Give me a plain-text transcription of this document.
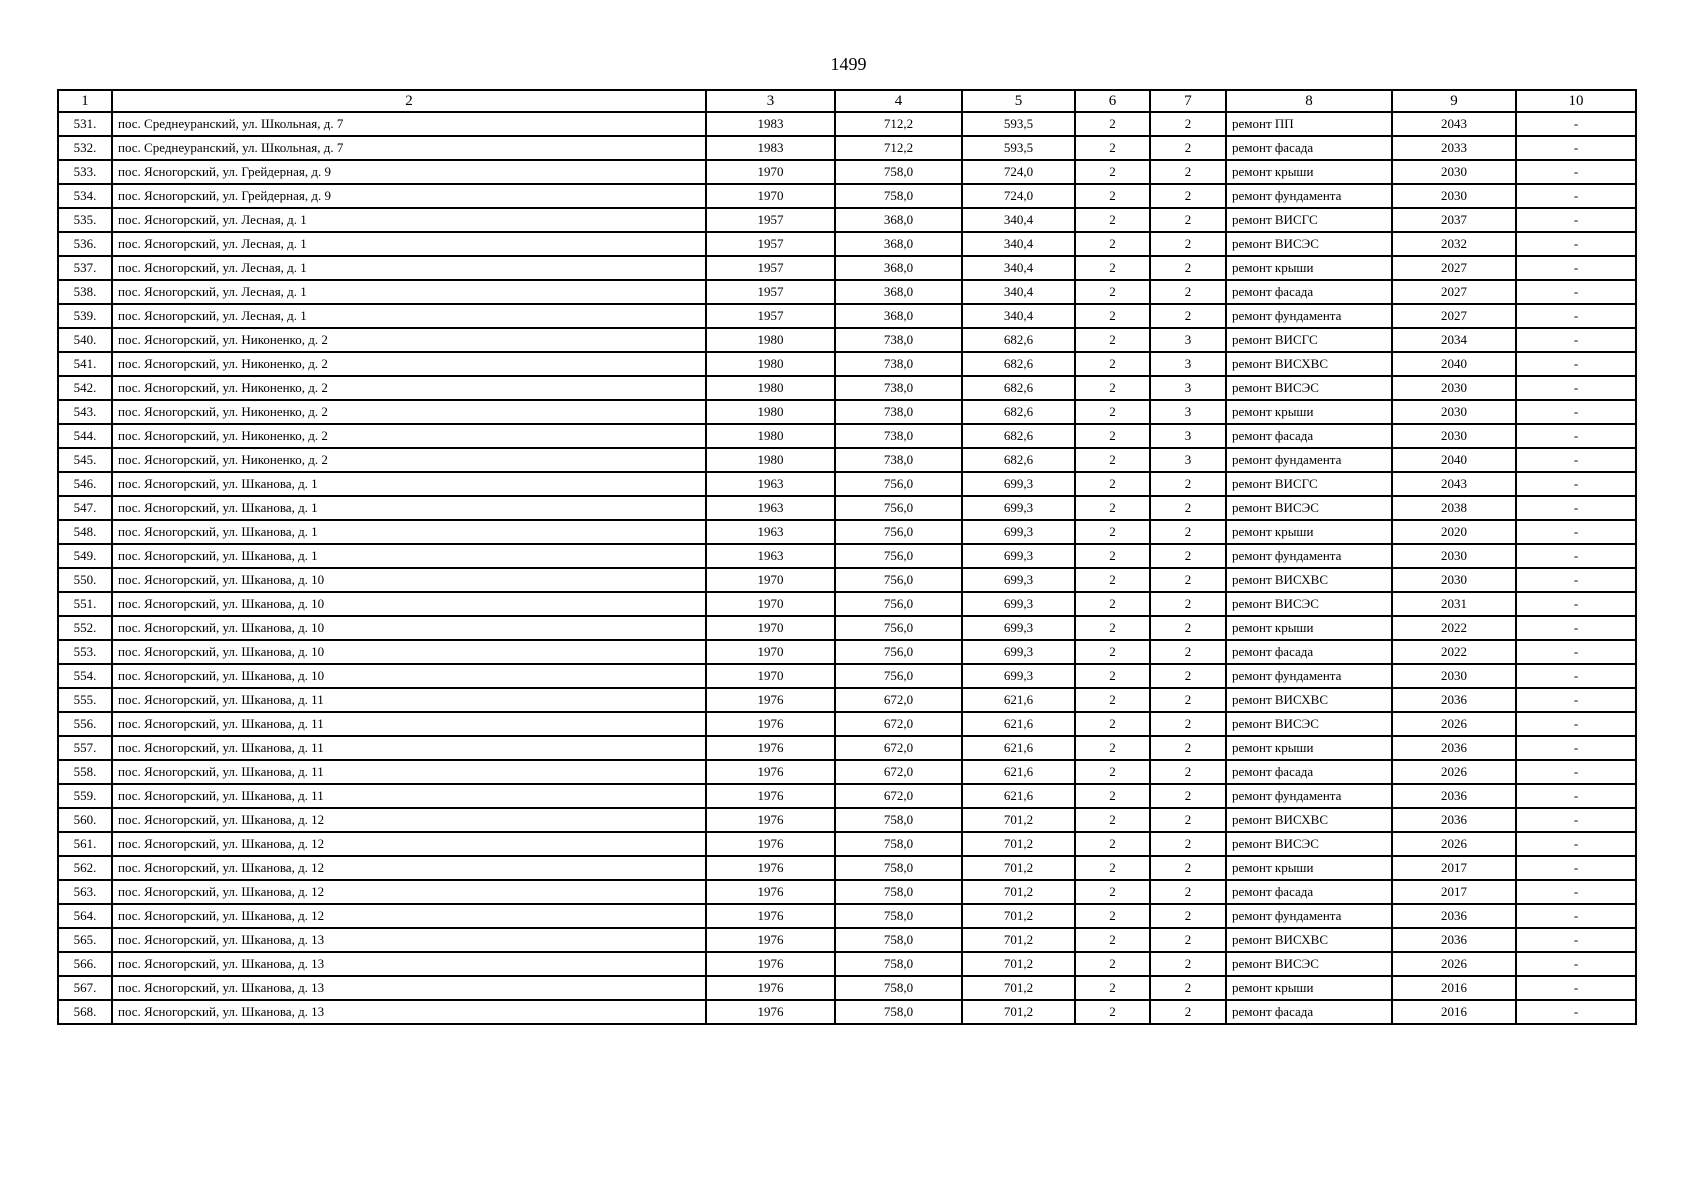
1499
1	2	3	4	5	6	7	8	9	10
531.	пос. Среднеуранский, ул. Школьная, д. 7	1983	712,2	593,5	2	2	ремонт ПП	2043	-
532.	пос. Среднеуранский, ул. Школьная, д. 7	1983	712,2	593,5	2	2	ремонт фасада	2033	-
533.	пос. Ясногорский, ул. Грейдерная, д. 9	1970	758,0	724,0	2	2	ремонт крыши	2030	-
534.	пос. Ясногорский, ул. Грейдерная, д. 9	1970	758,0	724,0	2	2	ремонт фундамента	2030	-
535.	пос. Ясногорский, ул. Лесная, д. 1	1957	368,0	340,4	2	2	ремонт ВИСГС	2037	-
536.	пос. Ясногорский, ул. Лесная, д. 1	1957	368,0	340,4	2	2	ремонт ВИСЭС	2032	-
537.	пос. Ясногорский, ул. Лесная, д. 1	1957	368,0	340,4	2	2	ремонт крыши	2027	-
538.	пос. Ясногорский, ул. Лесная, д. 1	1957	368,0	340,4	2	2	ремонт фасада	2027	-
539.	пос. Ясногорский, ул. Лесная, д. 1	1957	368,0	340,4	2	2	ремонт фундамента	2027	-
540.	пос. Ясногорский, ул. Никоненко, д. 2	1980	738,0	682,6	2	3	ремонт ВИСГС	2034	-
541.	пос. Ясногорский, ул. Никоненко, д. 2	1980	738,0	682,6	2	3	ремонт ВИСХВС	2040	-
542.	пос. Ясногорский, ул. Никоненко, д. 2	1980	738,0	682,6	2	3	ремонт ВИСЭС	2030	-
543.	пос. Ясногорский, ул. Никоненко, д. 2	1980	738,0	682,6	2	3	ремонт крыши	2030	-
544.	пос. Ясногорский, ул. Никоненко, д. 2	1980	738,0	682,6	2	3	ремонт фасада	2030	-
545.	пос. Ясногорский, ул. Никоненко, д. 2	1980	738,0	682,6	2	3	ремонт фундамента	2040	-
546.	пос. Ясногорский, ул. Шканова, д. 1	1963	756,0	699,3	2	2	ремонт ВИСГС	2043	-
547.	пос. Ясногорский, ул. Шканова, д. 1	1963	756,0	699,3	2	2	ремонт ВИСЭС	2038	-
548.	пос. Ясногорский, ул. Шканова, д. 1	1963	756,0	699,3	2	2	ремонт крыши	2020	-
549.	пос. Ясногорский, ул. Шканова, д. 1	1963	756,0	699,3	2	2	ремонт фундамента	2030	-
550.	пос. Ясногорский, ул. Шканова, д. 10	1970	756,0	699,3	2	2	ремонт ВИСХВС	2030	-
551.	пос. Ясногорский, ул. Шканова, д. 10	1970	756,0	699,3	2	2	ремонт ВИСЭС	2031	-
552.	пос. Ясногорский, ул. Шканова, д. 10	1970	756,0	699,3	2	2	ремонт крыши	2022	-
553.	пос. Ясногорский, ул. Шканова, д. 10	1970	756,0	699,3	2	2	ремонт фасада	2022	-
554.	пос. Ясногорский, ул. Шканова, д. 10	1970	756,0	699,3	2	2	ремонт фундамента	2030	-
555.	пос. Ясногорский, ул. Шканова, д. 11	1976	672,0	621,6	2	2	ремонт ВИСХВС	2036	-
556.	пос. Ясногорский, ул. Шканова, д. 11	1976	672,0	621,6	2	2	ремонт ВИСЭС	2026	-
557.	пос. Ясногорский, ул. Шканова, д. 11	1976	672,0	621,6	2	2	ремонт крыши	2036	-
558.	пос. Ясногорский, ул. Шканова, д. 11	1976	672,0	621,6	2	2	ремонт фасада	2026	-
559.	пос. Ясногорский, ул. Шканова, д. 11	1976	672,0	621,6	2	2	ремонт фундамента	2036	-
560.	пос. Ясногорский, ул. Шканова, д. 12	1976	758,0	701,2	2	2	ремонт ВИСХВС	2036	-
561.	пос. Ясногорский, ул. Шканова, д. 12	1976	758,0	701,2	2	2	ремонт ВИСЭС	2026	-
562.	пос. Ясногорский, ул. Шканова, д. 12	1976	758,0	701,2	2	2	ремонт крыши	2017	-
563.	пос. Ясногорский, ул. Шканова, д. 12	1976	758,0	701,2	2	2	ремонт фасада	2017	-
564.	пос. Ясногорский, ул. Шканова, д. 12	1976	758,0	701,2	2	2	ремонт фундамента	2036	-
565.	пос. Ясногорский, ул. Шканова, д. 13	1976	758,0	701,2	2	2	ремонт ВИСХВС	2036	-
566.	пос. Ясногорский, ул. Шканова, д. 13	1976	758,0	701,2	2	2	ремонт ВИСЭС	2026	-
567.	пос. Ясногорский, ул. Шканова, д. 13	1976	758,0	701,2	2	2	ремонт крыши	2016	-
568.	пос. Ясногорский, ул. Шканова, д. 13	1976	758,0	701,2	2	2	ремонт фасада	2016	-
